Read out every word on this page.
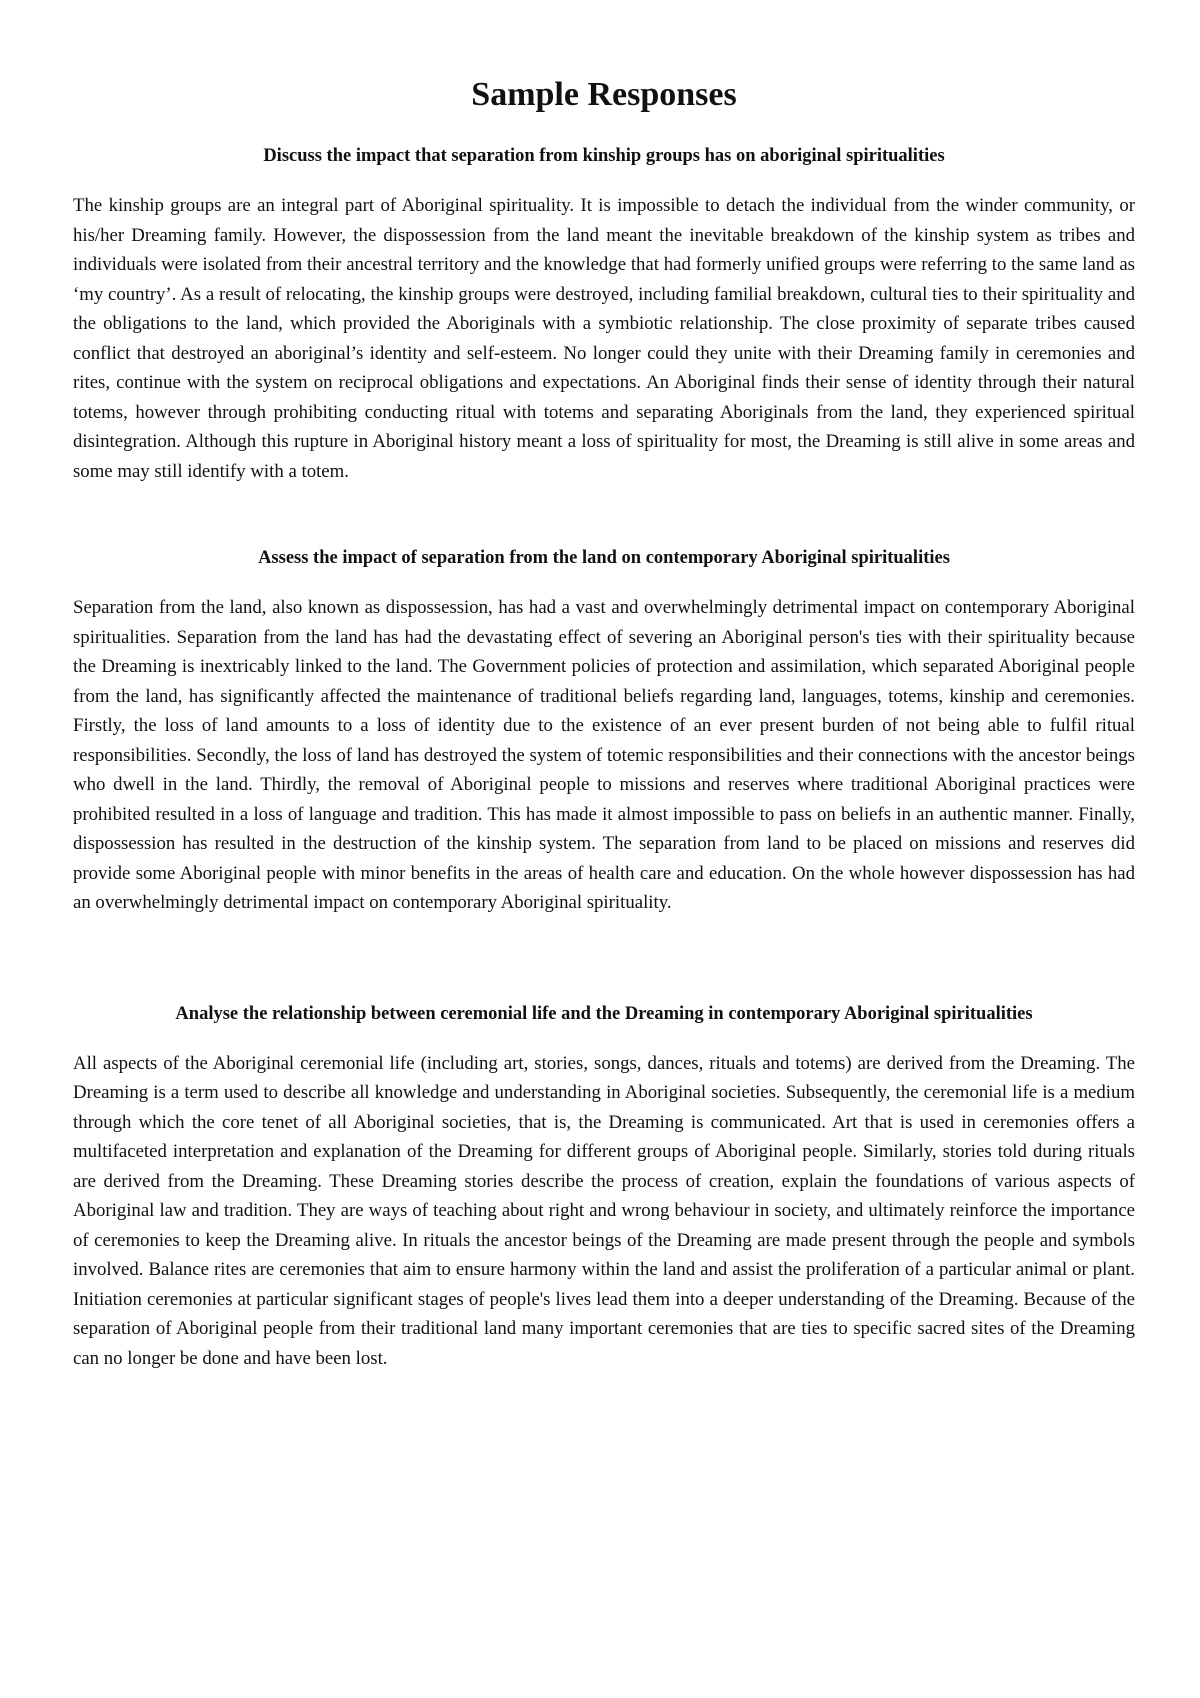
Sample Responses
Discuss the impact that separation from kinship groups has on aboriginal spiritualities

The kinship groups are an integral part of Aboriginal spirituality. It is impossible to detach the individual from the winder community, or his/her Dreaming family. However, the dispossession from the land meant the inevitable breakdown of the kinship system as tribes and individuals were isolated from their ancestral territory and the knowledge that had formerly unified groups were referring to the same land as ‘my country’. As a result of relocating, the kinship groups were destroyed, including familial breakdown, cultural ties to their spirituality and the obligations to the land, which provided the Aboriginals with a symbiotic relationship. The close proximity of separate tribes caused conflict that destroyed an aboriginal’s identity and self-esteem. No longer could they unite with their Dreaming family in ceremonies and rites, continue with the system on reciprocal obligations and expectations. An Aboriginal finds their sense of identity through their natural totems, however through prohibiting conducting ritual with totems and separating Aboriginals from the land, they experienced spiritual disintegration. Although this rupture in Aboriginal history meant a loss of spirituality for most, the Dreaming is still alive in some areas and some may still identify with a totem.

Assess the impact of separation from the land on contemporary Aboriginal spiritualities

Separation from the land, also known as dispossession, has had a vast and overwhelmingly detrimental impact on contemporary Aboriginal spiritualities. Separation from the land has had the devastating effect of severing an Aboriginal person's ties with their spirituality because the Dreaming is inextricably linked to the land. The Government policies of protection and assimilation, which separated Aboriginal people from the land, has significantly affected the maintenance of traditional beliefs regarding land, languages, totems, kinship and ceremonies. Firstly, the loss of land amounts to a loss of identity due to the existence of an ever present burden of not being able to fulfil ritual responsibilities. Secondly, the loss of land has destroyed the system of totemic responsibilities and their connections with the ancestor beings who dwell in the land. Thirdly, the removal of Aboriginal people to missions and reserves where traditional Aboriginal practices were prohibited resulted in a loss of language and tradition. This has made it almost impossible to pass on beliefs in an authentic manner. Finally, dispossession has resulted in the destruction of the kinship system. The separation from land to be placed on missions and reserves did provide some Aboriginal people with minor benefits in the areas of health care and education. On the whole however dispossession has had an overwhelmingly detrimental impact on contemporary Aboriginal spirituality.

Analyse the relationship between ceremonial life and the Dreaming in contemporary Aboriginal spiritualities

All aspects of the Aboriginal ceremonial life (including art, stories, songs, dances, rituals and totems) are derived from the Dreaming. The Dreaming is a term used to describe all knowledge and understanding in Aboriginal societies. Subsequently, the ceremonial life is a medium through which the core tenet of all Aboriginal societies, that is, the Dreaming is communicated. Art that is used in ceremonies offers a multifaceted interpretation and explanation of the Dreaming for different groups of Aboriginal people. Similarly, stories told during rituals are derived from the Dreaming. These Dreaming stories describe the process of creation, explain the foundations of various aspects of Aboriginal law and tradition. They are ways of teaching about right and wrong behaviour in society, and ultimately reinforce the importance of ceremonies to keep the Dreaming alive. In rituals the ancestor beings of the Dreaming are made present through the people and symbols involved. Balance rites are ceremonies that aim to ensure harmony within the land and assist the proliferation of a particular animal or plant. Initiation ceremonies at particular significant stages of people's lives lead them into a deeper understanding of the Dreaming. Because of the separation of Aboriginal people from their traditional land many important ceremonies that are ties to specific sacred sites of the Dreaming can no longer be done and have been lost.
